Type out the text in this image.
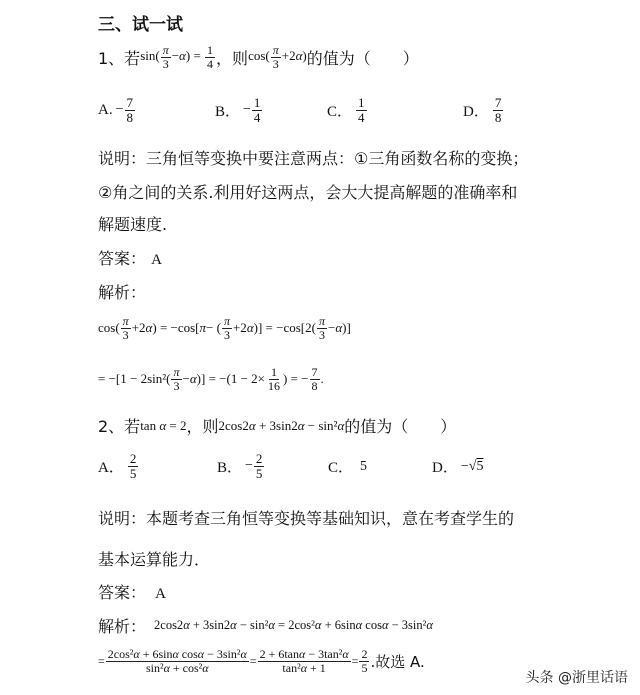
三、试一试
1、若 $\sin( \frac{\pi}{3} -\alpha) = \frac{1}{4}$ ，则 $\cos( \frac{\pi}{3} +2\alpha)$ 的值为（　　）
A. − $\frac{7}{8}$	B． − $\frac{1}{4}$	C． $\frac{1}{4}$	D． $\frac{7}{8}$
说明：三角恒等变换中要注意两点：①三角函数名称的变换；
②角之间的关系.利用好这两点，会大大提高解题的准确率和
解题速度.
答案： A
解析：
$\cos( \frac{\pi}{3} +2$ α ) = −cos[ π − ( $\frac{\pi}{3} +2$ α )] = $-\cos[2( \frac{\pi}{3} - \alpha$ )]
= $-[1 - 2\sin^2( \frac{\pi}{3} - \alpha$ )] = $-(1 - 2\times \frac{1}{16}$ ) = − $\frac{7}{8}$ .
2、若 tan α = 2 ，则 2cos2α + 3sin2α − sin²α 的值为（　　）
A． $\frac{2}{5}$	B． − $\frac{2}{5}$	C． 5	D． −√5
说明：本题考查三角恒等变换等基础知识，意在考查学生的
基本运算能力．
答案： A
解析： 2cos2α + 3sin2α − sin²α = 2cos²α + 6sinα cosα − 3sin²α
= $\frac{\text{2cos²α + 6sinα cosα − 3sin²α}}{\text{sin²α + cos²α}} = \frac{\text{2 + 6tanα − 3tan²α}}{\text{tan²α + 1}} = \frac{2}{5}$ .故选 A.
头条 @浙里话语
